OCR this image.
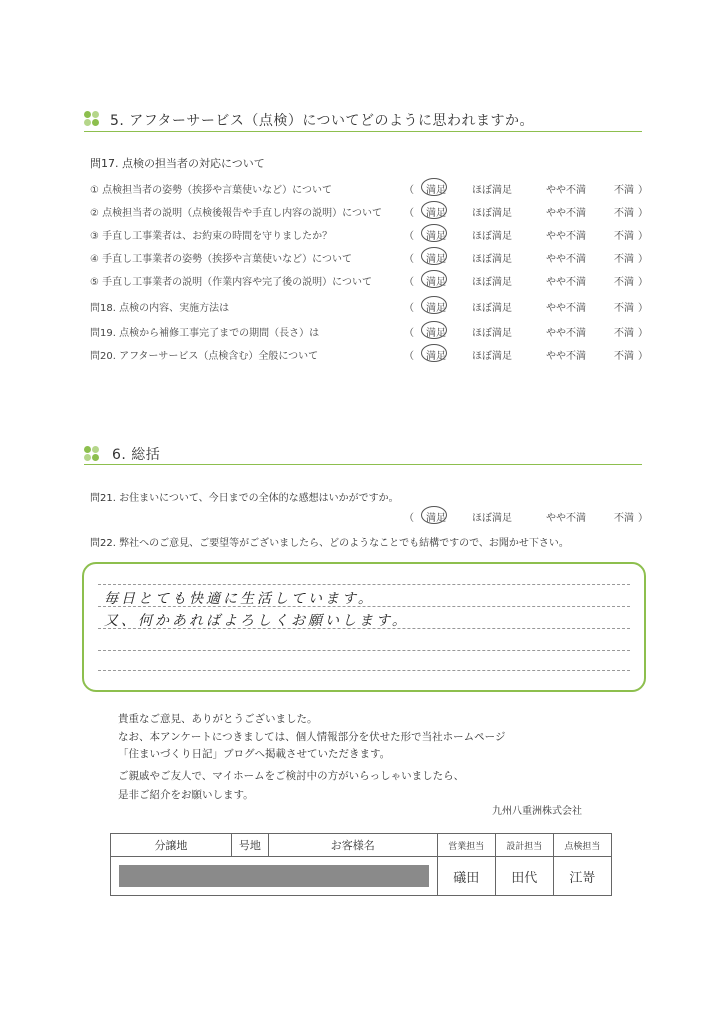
5. アフターサービス（点検）についてどのように思われますか。
問17. 点検の担当者の対応について
① 点検担当者の姿勢（挨拶や言葉使いなど）について	（ 満足	ほぼ満足	やや不満	不満 ）
② 点検担当者の説明（点検後報告や手直し内容の説明）について （ 満足	ほぼ満足	やや不満	不満 ）
③ 手直し工事業者は、お約束の時間を守りましたか？	（ 満足	ほぼ満足	やや不満	不満 ）
④ 手直し工事業者の姿勢（挨拶や言葉使いなど）について	（ 満足	ほぼ満足	やや不満	不満 ）
⑤ 手直し工事業者の説明（作業内容や完了後の説明）について	（ 満足	ほぼ満足	やや不満	不満 ）
問18. 点検の内容、実施方法は	（ 満足	ほぼ満足	やや不満	不満 ）
問19. 点検から補修工事完了までの期間（長さ）は	（ 満足	ほぼ満足	やや不満	不満 ）
問20. アフターサービス（点検含む）全般について	（ 満足	ほぼ満足	やや不満	不満 ）
6. 総括
問21. お住まいについて、今日までの全体的な感想はいかがですか。
（ 満足	ほぼ満足	やや不満	不満 ）
問22. 弊社へのご意見、ご要望等がございましたら、どのようなことでも結構ですので、お聞かせ下さい。
毎日とても快適に生活しています。
又、何かあればよろしくお願いします。
貴重なご意見、ありがとうございました。
なお、本アンケートにつきましては、個人情報部分を伏せた形で当社ホームページ
「住まいづくり日記」ブログへ掲載させていただきます。
ご親戚やご友人で、マイホームをご検討中の方がいらっしゃいましたら、
是非ご紹介をお願いします。
九州八重洲株式会社
分譲地	号地	お客様名	営業担当	設計担当	点検担当

			礒田	田代	江嵜
